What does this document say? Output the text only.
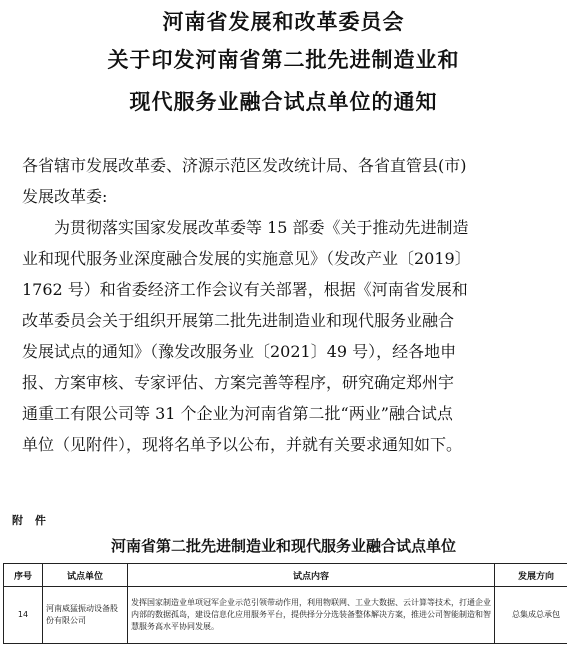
河南省发展和改革委员会
关于印发河南省第二批先进制造业和
现代服务业融合试点单位的通知
各省辖市发展改革委、济源示范区发改统计局、各省直管县(市)
发展改革委:
为贯彻落实国家发展改革委等 15 部委《关于推动先进制造
业和现代服务业深度融合发展的实施意见》（发改产业〔2019〕
1762 号）和省委经济工作会议有关部署，根据《河南省发展和
改革委员会关于组织开展第二批先进制造业和现代服务业融合
发展试点的通知》（豫发改服务业〔2021〕49 号），经各地申
报、方案审核、专家评估、方案完善等程序，研究确定郑州宇
通重工有限公司等 31 个企业为河南省第二批“两业”融合试点
单位（见附件），现将名单予以公布，并就有关要求通知如下。
附 件
河南省第二批先进制造业和现代服务业融合试点单位
序号	试点单位	试点内容	发展方向
14	河南威猛振动设备股份有限公司	发挥国家制造业单项冠军企业示范引领带动作用，利用物联网、工业大数据、云计算等技术，打通企业内部的数据孤岛，建设信息化应用服务平台，提供择分分选装备整体解决方案，推进公司智能制造和智慧服务高水平协同发展。	总集成总承包
